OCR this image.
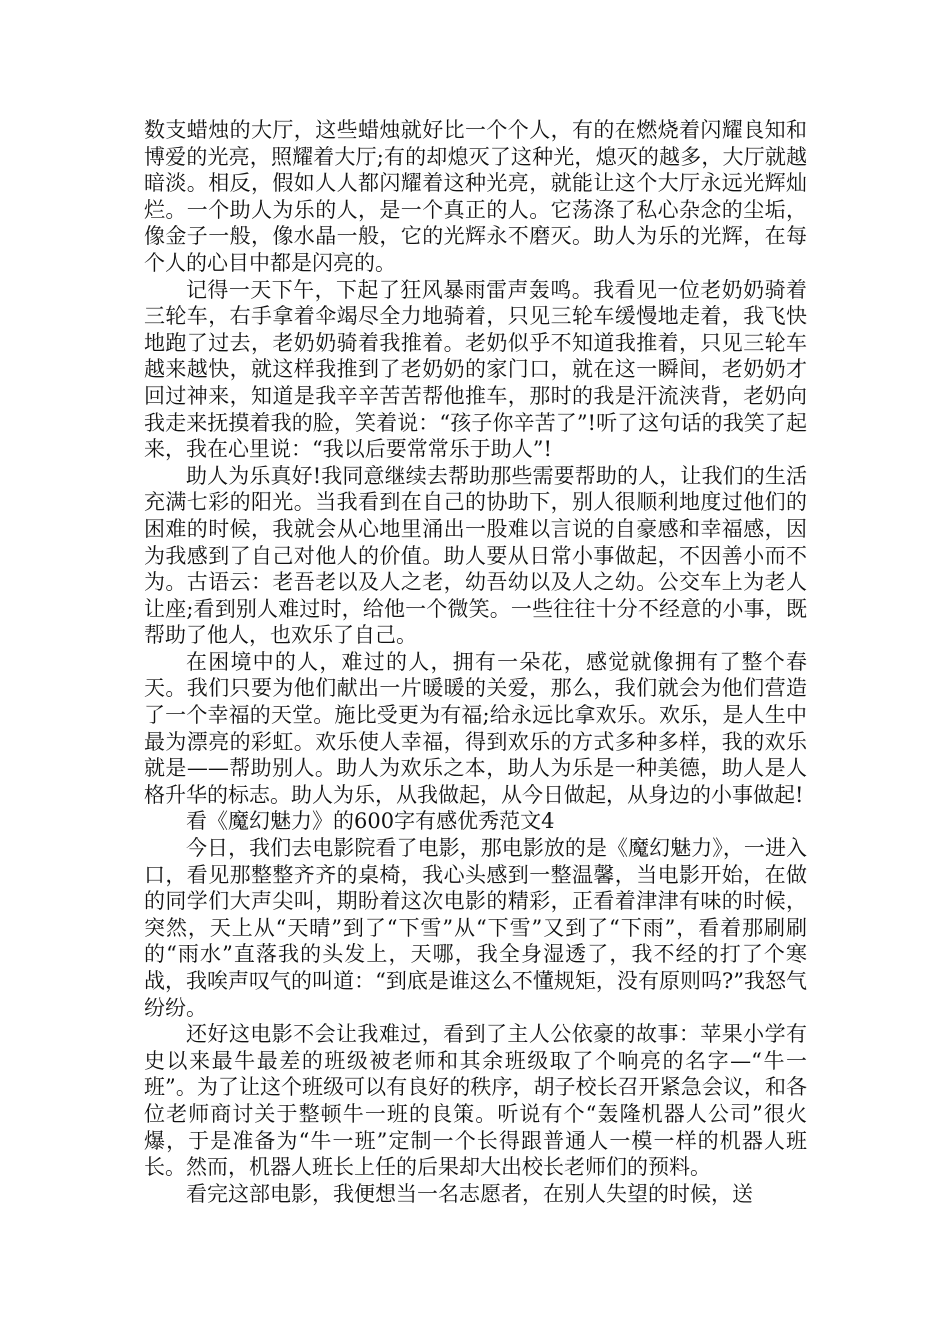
数支蜡烛的大厅，这些蜡烛就好比一个个人，有的在燃烧着闪耀良知和博爱的光亮，照耀着大厅;有的却熄灭了这种光，熄灭的越多，大厅就越暗淡。相反，假如人人都闪耀着这种光亮，就能让这个大厅永远光辉灿烂。一个助人为乐的人，是一个真正的人。它荡涤了私心杂念的尘垢，像金子一般，像水晶一般，它的光辉永不磨灭。助人为乐的光辉，在每个人的心目中都是闪亮的。

记得一天下午，下起了狂风暴雨雷声轰鸣。我看见一位老奶奶骑着三轮车，右手拿着伞竭尽全力地骑着，只见三轮车缓慢地走着，我飞快地跑了过去，老奶奶骑着我推着。老奶似乎不知道我推着，只见三轮车越来越快，就这样我推到了老奶奶的家门口，就在这一瞬间，老奶奶才回过神来，知道是我辛辛苦苦帮他推车，那时的我是汗流浃背，老奶向我走来抚摸着我的脸，笑着说：“孩子你辛苦了”!听了这句话的我笑了起来，我在心里说：“我以后要常常乐于助人”!

助人为乐真好!我同意继续去帮助那些需要帮助的人，让我们的生活充满七彩的阳光。当我看到在自己的协助下，别人很顺利地度过他们的困难的时候，我就会从心地里涌出一股难以言说的自豪感和幸福感，因为我感到了自己对他人的价值。助人要从日常小事做起，不因善小而不为。古语云：老吾老以及人之老，幼吾幼以及人之幼。公交车上为老人让座;看到别人难过时，给他一个微笑。一些往往十分不经意的小事，既帮助了他人，也欢乐了自己。

在困境中的人，难过的人，拥有一朵花，感觉就像拥有了整个春天。我们只要为他们献出一片暖暖的关爱，那么，我们就会为他们营造了一个幸福的天堂。施比受更为有福;给永远比拿欢乐。欢乐，是人生中最为漂亮的彩虹。欢乐使人幸福，得到欢乐的方式多种多样，我的欢乐就是——帮助别人。助人为欢乐之本，助人为乐是一种美德，助人是人格升华的标志。助人为乐，从我做起，从今日做起，从身边的小事做起!

看《魔幻魅力》的600字有感优秀范文4

今日，我们去电影院看了电影，那电影放的是《魔幻魅力》，一进入口，看见那整整齐齐的桌椅，我心头感到一整温馨，当电影开始，在做的同学们大声尖叫，期盼着这次电影的精彩，正看着津津有味的时候，突然，天上从“天晴”到了“下雪”从“下雪”又到了“下雨”，看着那刷刷的“雨水”直落我的头发上，天哪，我全身湿透了，我不经的打了个寒战，我唉声叹气的叫道：“到底是谁这么不懂规矩，没有原则吗?”我怒气纷纷。

还好这电影不会让我难过，看到了主人公依豪的故事：苹果小学有史以来最牛最差的班级被老师和其余班级取了个响亮的名字—“牛一班”。为了让这个班级可以有良好的秩序，胡子校长召开紧急会议，和各位老师商讨关于整顿牛一班的良策。听说有个“轰隆机器人公司”很火爆，于是准备为“牛一班”定制一个长得跟普通人一模一样的机器人班长。然而，机器人班长上任的后果却大出校长老师们的预料。

看完这部电影，我便想当一名志愿者，在别人失望的时候，送
